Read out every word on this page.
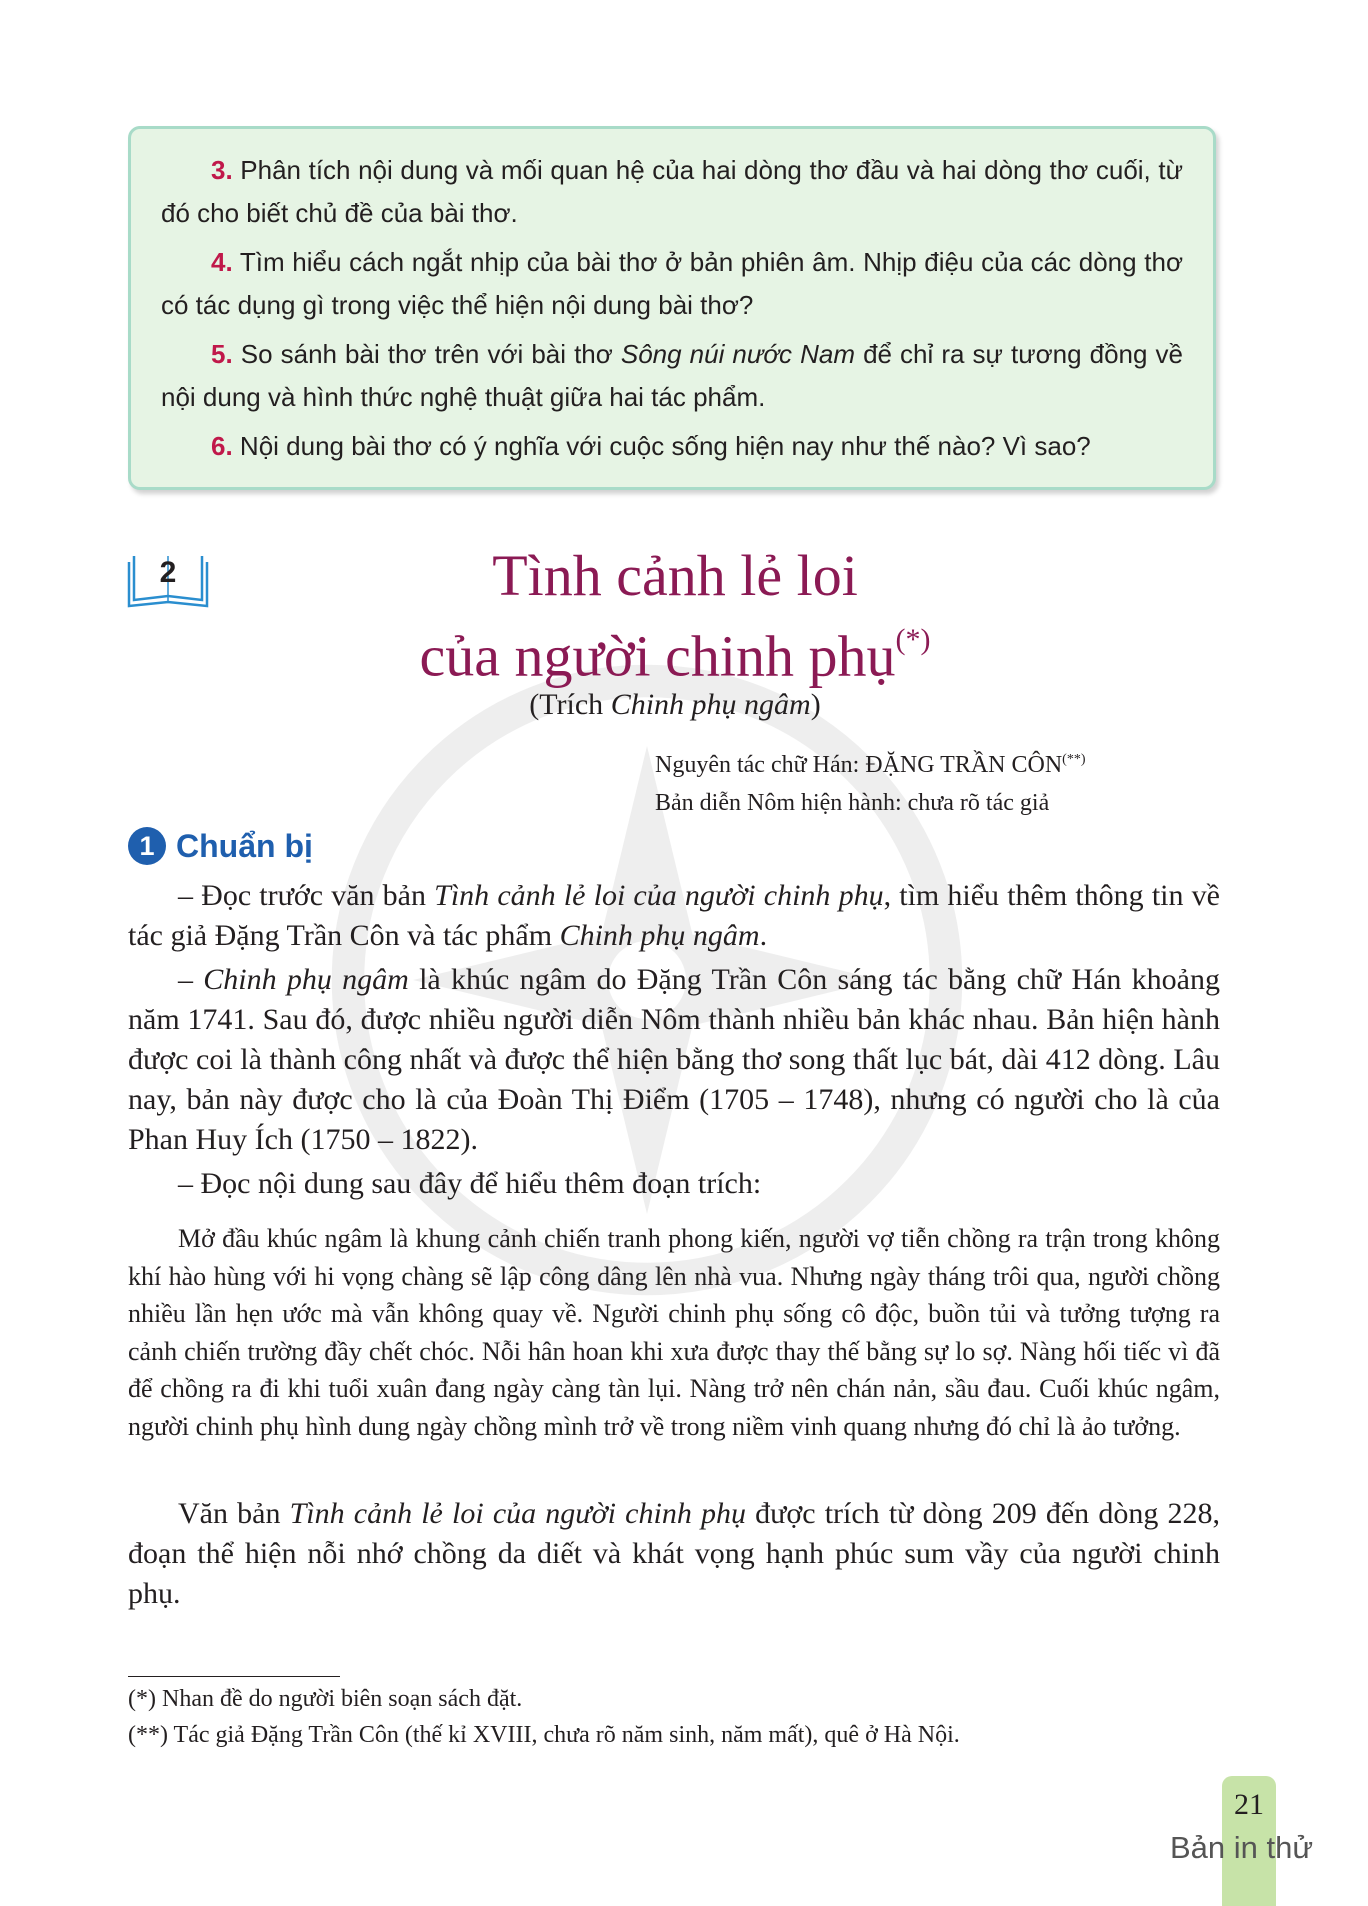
3. Phân tích nội dung và mối quan hệ của hai dòng thơ đầu và hai dòng thơ cuối, từ đó cho biết chủ đề của bài thơ.

4. Tìm hiểu cách ngắt nhịp của bài thơ ở bản phiên âm. Nhịp điệu của các dòng thơ có tác dụng gì trong việc thể hiện nội dung bài thơ?

5. So sánh bài thơ trên với bài thơ Sông núi nước Nam để chỉ ra sự tương đồng về nội dung và hình thức nghệ thuật giữa hai tác phẩm.

6. Nội dung bài thơ có ý nghĩa với cuộc sống hiện nay như thế nào? Vì sao?

2	Tình cảnh lẻ loi
của người chinh phụ(*)
(Trích Chinh phụ ngâm)
Nguyên tác chữ Hán: ĐẶNG TRẦN CÔN(**)
Bản diễn Nôm hiện hành: chưa rõ tác giả
1 Chuẩn bị

– Đọc trước văn bản Tình cảnh lẻ loi của người chinh phụ, tìm hiểu thêm thông tin về tác giả Đặng Trần Côn và tác phẩm Chinh phụ ngâm.

– Chinh phụ ngâm là khúc ngâm do Đặng Trần Côn sáng tác bằng chữ Hán khoảng năm 1741. Sau đó, được nhiều người diễn Nôm thành nhiều bản khác nhau. Bản hiện hành được coi là thành công nhất và được thể hiện bằng thơ song thất lục bát, dài 412 dòng. Lâu nay, bản này được cho là của Đoàn Thị Điểm (1705 – 1748), nhưng có người cho là của Phan Huy Ích (1750 – 1822).

– Đọc nội dung sau đây để hiểu thêm đoạn trích:

Mở đầu khúc ngâm là khung cảnh chiến tranh phong kiến, người vợ tiễn chồng ra trận trong không khí hào hùng với hi vọng chàng sẽ lập công dâng lên nhà vua. Nhưng ngày tháng trôi qua, người chồng nhiều lần hẹn ước mà vẫn không quay về. Người chinh phụ sống cô độc, buồn tủi và tưởng tượng ra cảnh chiến trường đầy chết chóc. Nỗi hân hoan khi xưa được thay thế bằng sự lo sợ. Nàng hối tiếc vì đã để chồng ra đi khi tuổi xuân đang ngày càng tàn lụi. Nàng trở nên chán nản, sầu đau. Cuối khúc ngâm, người chinh phụ hình dung ngày chồng mình trở về trong niềm vinh quang nhưng đó chỉ là ảo tưởng.

Văn bản Tình cảnh lẻ loi của người chinh phụ được trích từ dòng 209 đến dòng 228, đoạn thể hiện nỗi nhớ chồng da diết và khát vọng hạnh phúc sum vầy của người chinh phụ.

(*) Nhan đề do người biên soạn sách đặt.
(**) Tác giả Đặng Trần Côn (thế kỉ XVIII, chưa rõ năm sinh, năm mất), quê ở Hà Nội.
21
Bản in thử
